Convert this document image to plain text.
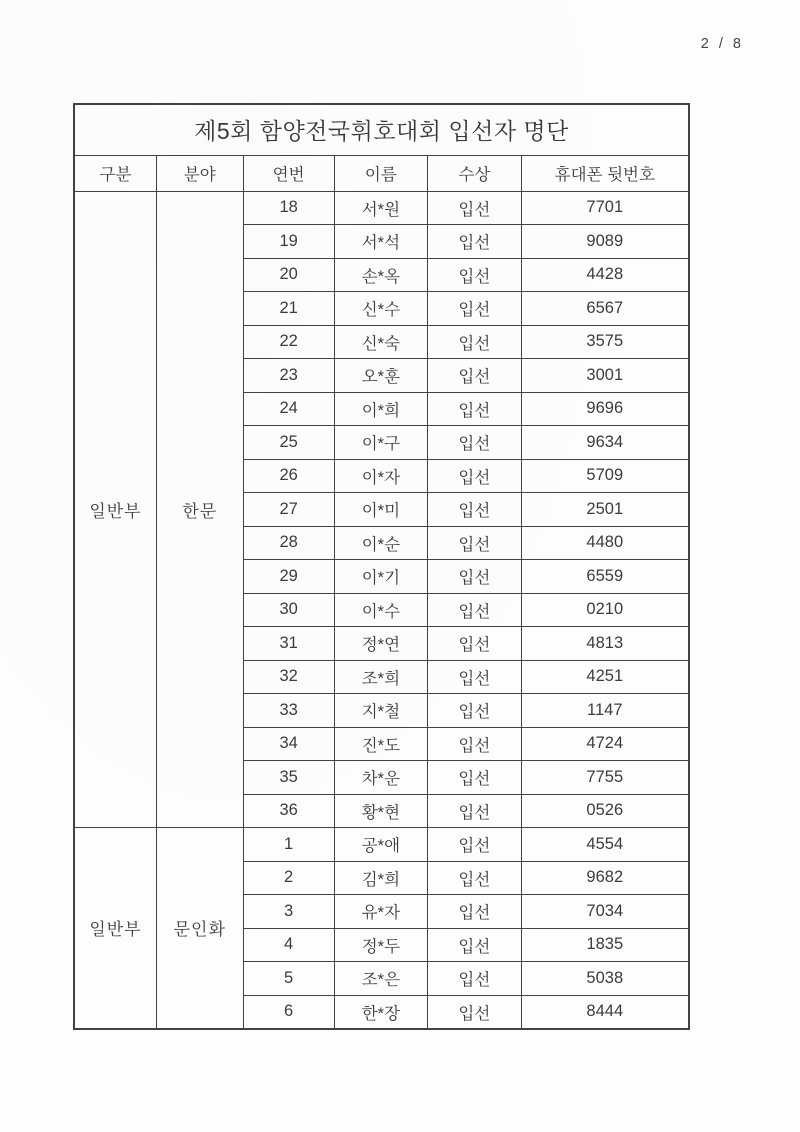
2 / 8
제5회 함양전국휘호대회 입선자 명단					
구분	분야	연번	이름	수상	휴대폰 뒷번호
일반부	한문	18	서*원	입선	7701
		19	서*석	입선	9089
		20	손*옥	입선	4428
		21	신*수	입선	6567
		22	신*숙	입선	3575
		23	오*훈	입선	3001
		24	이*희	입선	9696
		25	이*구	입선	9634
		26	이*자	입선	5709
		27	이*미	입선	2501
		28	이*순	입선	4480
		29	이*기	입선	6559
		30	이*수	입선	0210
		31	정*연	입선	4813
		32	조*희	입선	4251
		33	지*철	입선	1147
		34	진*도	입선	4724
		35	차*운	입선	7755
		36	황*현	입선	0526
일반부	문인화	1	공*애	입선	4554
		2	김*희	입선	9682
		3	유*자	입선	7034
		4	정*두	입선	1835
		5	조*은	입선	5038
		6	한*장	입선	8444
